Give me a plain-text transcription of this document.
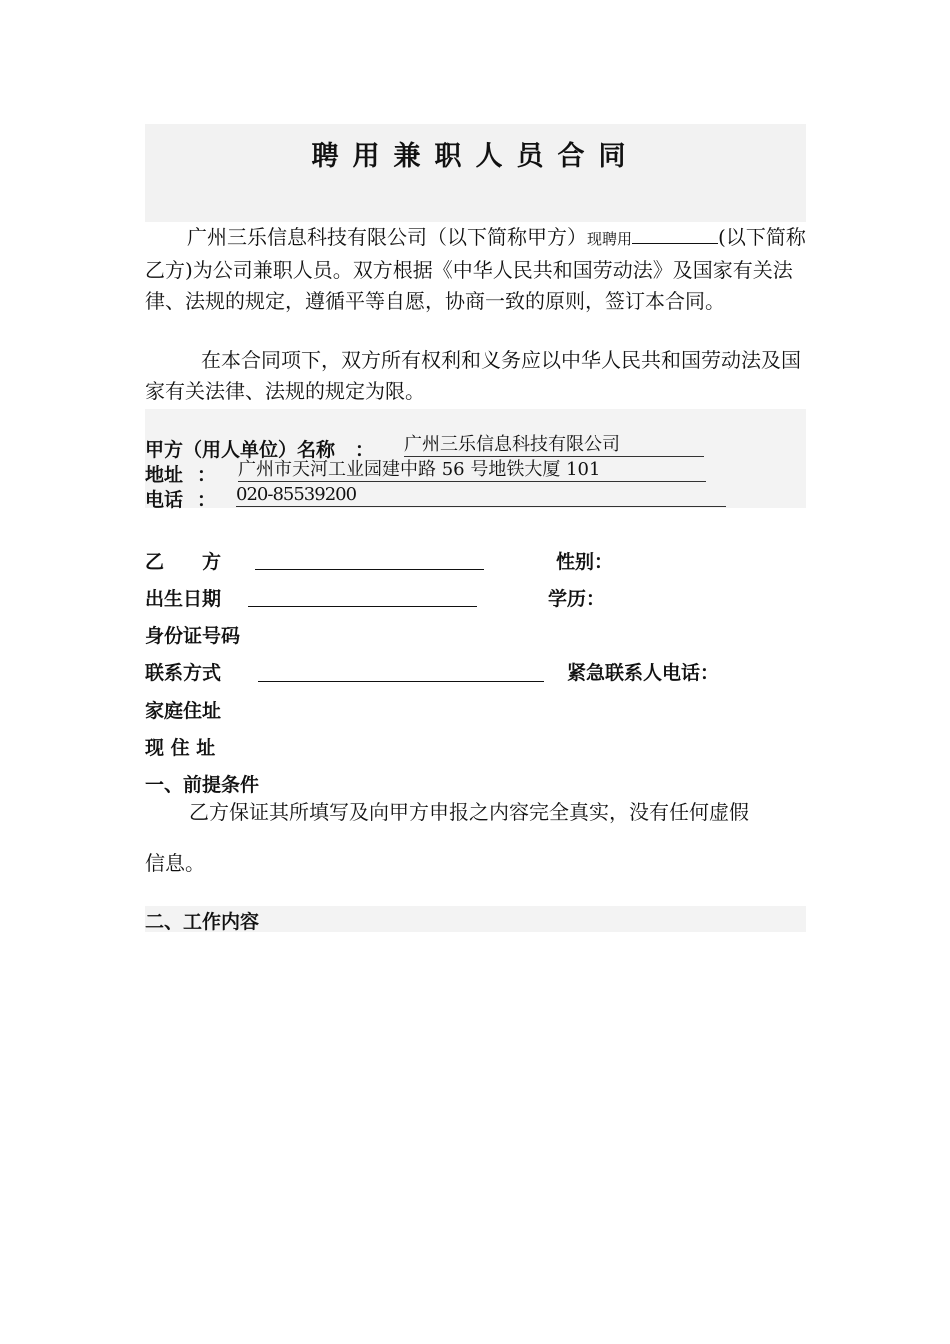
聘用兼职人员合同

广州三乐信息科技有限公司（以下简称甲方）现聘用	(以下简称乙方)为公司兼职人员。双方根据《中华人民共和国劳动法》及国家有关法律、法规的规定，遵循平等自愿，协商一致的原则，签订本合同。

在本合同项下，双方所有权利和义务应以中华人民共和国劳动法及国家有关法律、法规的规定为限。

甲方（用人单位）名称 ： 广州三乐信息科技有限公司
地址 ： 广州市天河工业园建中路 56 号地铁大厦 101
电话 ： 020-85539200
乙　　方	性别：
出生日期	学历：
身份证号码
联系方式	紧急联系人电话：
家庭住址
现 住 址
一、前提条件

乙方保证其所填写及向甲方申报之内容完全真实，没有任何虚假

信息。

二、工作内容
